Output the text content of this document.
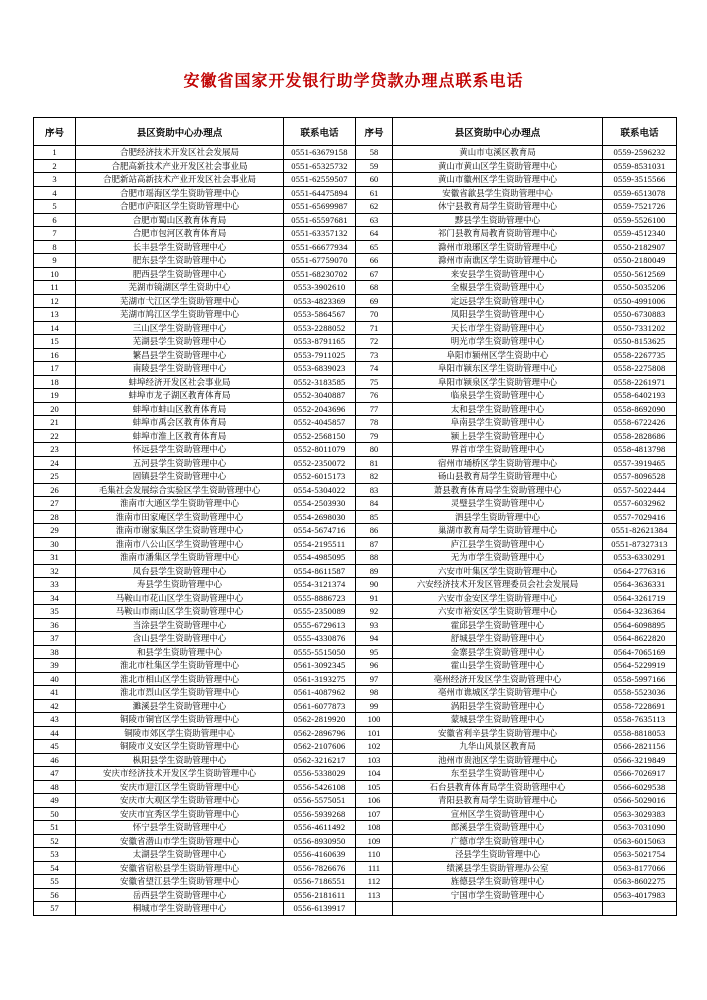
安徽省国家开发银行助学贷款办理点联系电话
序号	县区资助中心办理点	联系电话	序号	县区资助中心办理点	联系电话
1	合肥经济技术开发区社会发展局	0551-63679158	58	黄山市屯溪区教育局	0559-2596232
2	合肥高新技术产业开发区社会事业局	0551-65325732	59	黄山市黄山区学生资助管理中心	0559-8531031
3	合肥新站高新技术产业开发区社会事业局	0551-62559507	60	黄山市徽州区学生资助管理中心	0559-3515566
4	合肥市瑶海区学生资助管理中心	0551-64475894	61	安徽省歙县学生资助管理中心	0559-6513078
5	合肥市庐阳区学生资助管理中心	0551-65699987	62	休宁县教育局学生资助管理中心	0559-7521726
6	合肥市蜀山区教育体育局	0551-65597681	63	黟县学生资助管理中心	0559-5526100
7	合肥市包河区教育体育局	0551-63357132	64	祁门县教育局教育资助管理中心	0559-4512340
8	长丰县学生资助管理中心	0551-66677934	65	滁州市琅琊区学生资助管理中心	0550-2182907
9	肥东县学生资助管理中心	0551-67759070	66	滁州市南谯区学生资助管理中心	0550-2180049
10	肥西县学生资助管理中心	0551-68230702	67	来安县学生资助管理中心	0550-5612569
11	芜湖市镜湖区学生资助中心	0553-3902610	68	全椒县学生资助管理中心	0550-5035206
12	芜湖市弋江区学生资助管理中心	0553-4823369	69	定远县学生资助管理中心	0550-4991006
13	芜湖市鸠江区学生资助管理中心	0553-5864567	70	凤阳县学生资助管理中心	0550-6730883
14	三山区学生资助管理中心	0553-2288052	71	天长市学生资助管理中心	0550-7331202
15	芜湖县学生资助管理中心	0553-8791165	72	明光市学生资助管理中心	0550-8153625
16	繁昌县学生资助管理中心	0553-7911025	73	阜阳市颍州区学生资助中心	0558-2267735
17	南陵县学生资助管理中心	0553-6839023	74	阜阳市颍东区学生资助管理中心	0558-2275808
18	蚌埠经济开发区社会事业局	0552-3183585	75	阜阳市颍泉区学生资助管理中心	0558-2261971
19	蚌埠市龙子湖区教育体育局	0552-3040887	76	临泉县学生资助管理中心	0558-6402193
20	蚌埠市蚌山区教育体育局	0552-2043696	77	太和县学生资助管理中心	0558-8692090
21	蚌埠市禹会区教育体育局	0552-4045857	78	阜南县学生资助管理中心	0558-6722426
22	蚌埠市淮上区教育体育局	0552-2568150	79	颍上县学生资助管理中心	0558-2828686
23	怀远县学生资助管理中心	0552-8011079	80	界首市学生资助管理中心	0558-4813798
24	五河县学生资助管理中心	0552-2350072	81	宿州市埇桥区学生资助管理中心	0557-3919465
25	固镇县学生资助管理中心	0552-6015173	82	砀山县教育局学生资助管理中心	0557-8096528
26	毛集社会发展综合实验区学生资助管理中心	0554-5304022	83	萧县教育体育局学生资助管理中心	0557-5022444
27	淮南市大通区学生资助管理中心	0554-2503930	84	灵璧县学生资助管理中心	0557-6032962
28	淮南市田家庵区学生资助管理中心	0554-2698030	85	泗县学生资助管理中心	0557-7029416
29	淮南市谢家集区学生资助管理中心	0554-5674716	86	巢湖市教育局学生资助管理中心	0551-82621384
30	淮南市八公山区学生资助管理中心	0554-2195511	87	庐江县学生资助管理中心	0551-87327313
31	淮南市潘集区学生资助管理中心	0554-4985095	88	无为市学生资助管理中心	0553-6330291
32	凤台县学生资助管理中心	0554-8611587	89	六安市叶集区学生资助管理中心	0564-2776316
33	寿县学生资助管理中心	0554-3121374	90	六安经济技术开发区管理委员会社会发展局	0564-3636331
34	马鞍山市花山区学生资助管理中心	0555-8886723	91	六安市金安区学生资助管理中心	0564-3261719
35	马鞍山市雨山区学生资助管理中心	0555-2350089	92	六安市裕安区学生资助管理中心	0564-3236364
36	当涂县学生资助管理中心	0555-6729613	93	霍邱县学生资助管理中心	0564-6098895
37	含山县学生资助管理中心	0555-4330876	94	舒城县学生资助管理中心	0564-8622820
38	和县学生资助管理中心	0555-5515050	95	金寨县学生资助管理中心	0564-7065169
39	淮北市杜集区学生资助管理中心	0561-3092345	96	霍山县学生资助管理中心	0564-5229919
40	淮北市相山区学生资助管理中心	0561-3193275	97	亳州经济开发区学生资助管理中心	0558-5997166
41	淮北市烈山区学生资助管理中心	0561-4087962	98	亳州市谯城区学生资助管理中心	0558-5523036
42	濉溪县学生资助管理中心	0561-6077873	99	涡阳县学生资助管理中心	0558-7228691
43	铜陵市铜官区学生资助管理中心	0562-2819920	100	蒙城县学生资助管理中心	0558-7635113
44	铜陵市郊区学生资助管理中心	0562-2896796	101	安徽省利辛县学生资助管理中心	0558-8818053
45	铜陵市义安区学生资助管理中心	0562-2107606	102	九华山风景区教育局	0566-2821156
46	枞阳县学生资助管理中心	0562-3216217	103	池州市贵池区学生资助管理中心	0566-3219849
47	安庆市经济技术开发区学生资助管理中心	0556-5338029	104	东至县学生资助管理中心	0566-7026917
48	安庆市迎江区学生资助管理中心	0556-5426108	105	石台县教育体育局学生资助管理中心	0566-6029538
49	安庆市大观区学生资助管理中心	0556-5575051	106	青阳县教育局学生资助管理中心	0566-5029016
50	安庆市宜秀区学生资助管理中心	0556-5939268	107	宣州区学生资助管理中心	0563-3029383
51	怀宁县学生资助管理中心	0556-4611492	108	郎溪县学生资助管理中心	0563-7031090
52	安徽省潜山市学生资助管理中心	0556-8930950	109	广德市学生资助管理中心	0563-6015063
53	太湖县学生资助管理中心	0556-4160639	110	泾县学生资助管理中心	0563-5021754
54	安徽省宿松县学生资助管理中心	0556-7826676	111	绩溪县学生资助管理办公室	0563-8177066
55	安徽省望江县学生资助管理中心	0556-7186551	112	旌德县学生资助管理中心	0563-8602275
56	岳西县学生资助管理中心	0556-2181611	113	宁国市学生资助管理中心	0563-4017983
57	桐城市学生资助管理中心	0556-6139917			
